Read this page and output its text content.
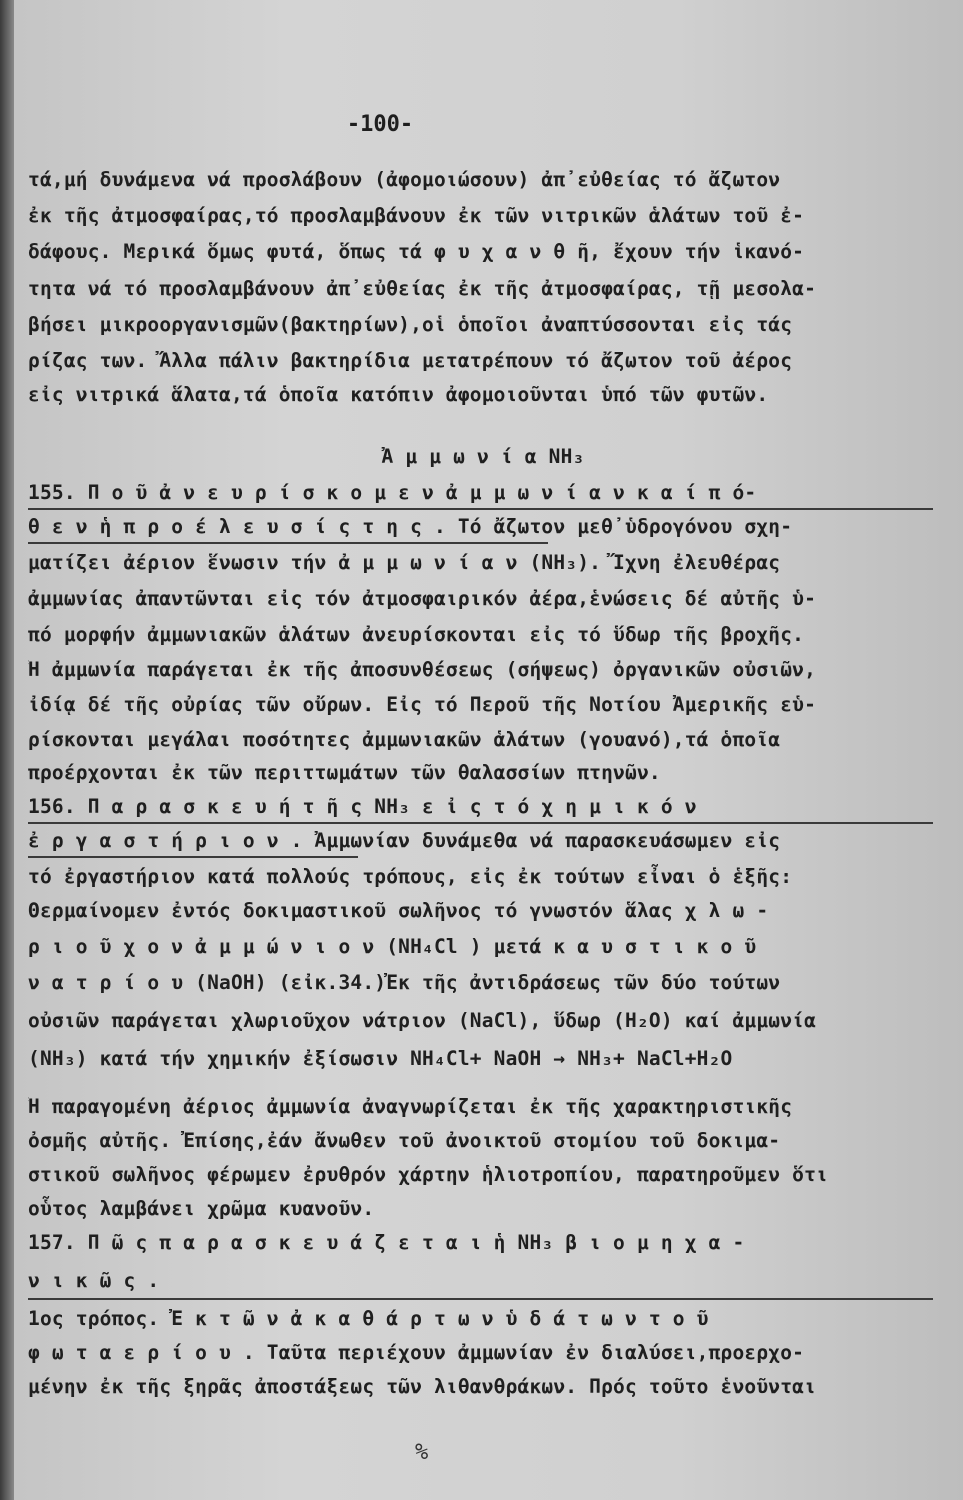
-100-
τά,μή δυνάμενα νά προσλάβουν (ἀφομοιώσουν) ἀπ᾽εὐθείας τό ἄζωτον
ἐκ τῆς ἀτμοσφαίρας,τό προσλαμβάνουν ἐκ τῶν νιτρικῶν ἁλάτων τοῦ ἐ-
δάφους. Μερικά ὅμως φυτά, ὅπως τά φ υ χ α ν θ ῆ, ἔχουν τήν ἱκανό-
τητα νά τό προσλαμβάνουν ἀπ᾽εὐθείας ἐκ τῆς ἀτμοσφαίρας, τῇ μεσολα-
βήσει μικροοργανισμῶν(βακτηρίων),οἱ ὁποῖοι ἀναπτύσσονται εἰς τάς
ρίζας των. Ἄλλα πάλιν βακτηρίδια μετατρέπουν τό ἄζωτον τοῦ ἀέρος
εἰς νιτρικά ἅλατα,τά ὁποῖα κατόπιν ἀφομοιοῦνται ὑπό τῶν φυτῶν.
Ἀ μ μ ω ν ί α NH₃
155. Π ο ῦ ἀ ν ε υ ρ ί σ κ ο μ ε ν ἀ μ μ ω ν ί α ν κ α ί π ό-
θ ε ν ἡ π ρ ο έ λ ε υ σ ί ς τ η ς . Τό ἄζωτον μεθ᾽ὑδρογόνου σχη-
ματίζει ἀέριον ἕνωσιν τήν ἀ μ μ ω ν ί α ν (NH₃). Ἴχνη ἐλευθέρας
ἀμμωνίας ἀπαντῶνται εἰς τόν ἀτμοσφαιρικόν ἀέρα,ἑνώσεις δέ αὐτῆς ὑ-
πό μορφήν ἀμμωνιακῶν ἁλάτων ἀνευρίσκονται εἰς τό ὕδωρ τῆς βροχῆς.
Ἡ ἀμμωνία παράγεται ἐκ τῆς ἀποσυνθέσεως (σήψεως) ὀργανικῶν οὐσιῶν,
ἰδίᾳ δέ τῆς οὐρίας τῶν οὔρων. Εἰς τό Περοῦ τῆς Νοτίου Ἀμερικῆς εὑ-
ρίσκονται μεγάλαι ποσότητες ἀμμωνιακῶν ἁλάτων (γουανό),τά ὁποῖα
προέρχονται ἐκ τῶν περιττωμάτων τῶν θαλασσίων πτηνῶν.
156. Π α ρ α σ κ ε υ ή τ ῆ ς NH₃ ε ἰ ς τ ό χ η μ ι κ ό ν
ἐ ρ γ α σ τ ή ρ ι ο ν . Ἀμμωνίαν δυνάμεθα νά παρασκευάσωμεν εἰς
τό ἐργαστήριον κατά πολλούς τρόπους, εἰς ἐκ τούτων εἶναι ὁ ἑξῆς:
Θερμαίνομεν ἐντός δοκιμαστικοῦ σωλῆνος τό γνωστόν ἅλας χ λ ω -
ρ ι ο ῦ χ ο ν ἀ μ μ ώ ν ι ο ν (NH₄Cl ) μετά κ α υ σ τ ι κ ο ῦ
ν α τ ρ ί ο υ (NaOH) (εἰκ.34.)Ἐκ τῆς ἀντιδράσεως τῶν δύο τούτων
οὐσιῶν παράγεται χλωριοῦχον νάτριον (NaCl), ὕδωρ (H₂O) καί ἀμμωνία
(NH₃) κατά τήν χημικήν ἐξίσωσιν NH₄Cl+ NaOH → NH₃+ NaCl+H₂O
Ἡ παραγομένη ἀέριος ἀμμωνία ἀναγνωρίζεται ἐκ τῆς χαρακτηριστικῆς
ὀσμῆς αὐτῆς. Ἐπίσης,ἐάν ἄνωθεν τοῦ ἀνοικτοῦ στομίου τοῦ δοκιμα-
στικοῦ σωλῆνος φέρωμεν ἐρυθρόν χάρτην ἡλιοτροπίου, παρατηροῦμεν ὅτι
οὗτος λαμβάνει χρῶμα κυανοῦν.
157. Π ῶ ς π α ρ α σ κ ε υ ά ζ ε τ α ι ἡ NH₃ β ι ο μ η χ α -
ν ι κ ῶ ς .
1ος τρόπος. Ἐ κ τ ῶ ν ἀ κ α θ ά ρ τ ω ν ὑ δ ά τ ω ν τ ο ῦ
φ ω τ α ε ρ ί ο υ . Ταῦτα περιέχουν ἀμμωνίαν ἐν διαλύσει,προερχο-
μένην ἐκ τῆς ξηρᾶς ἀποστάξεως τῶν λιθανθράκων. Πρός τοῦτο ἑνοῦνται
%
